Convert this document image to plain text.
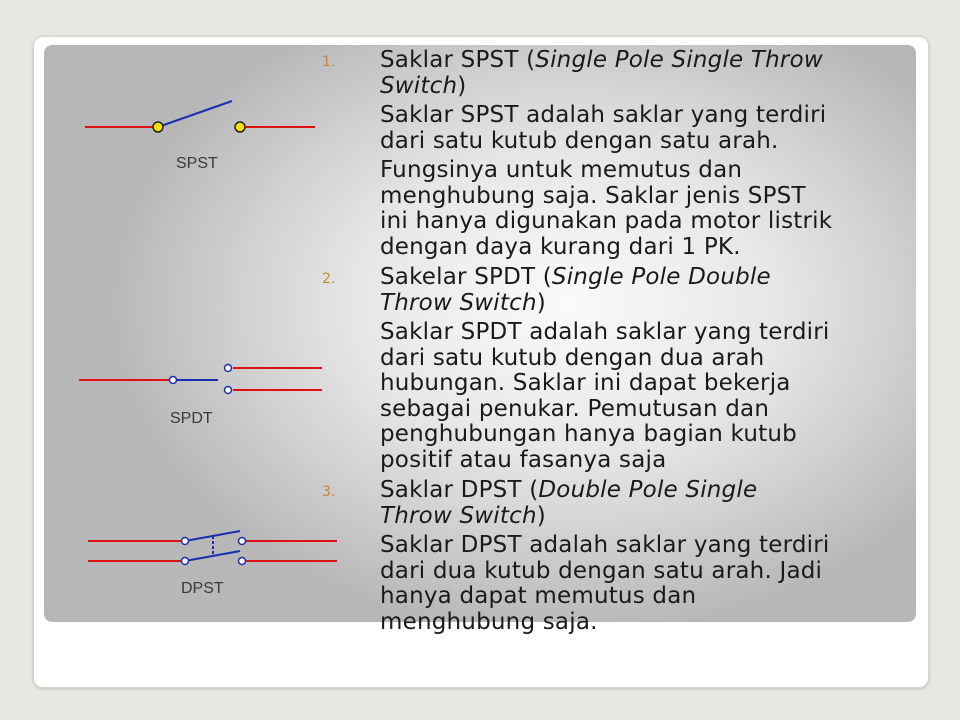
SPST
SPDT
DPST
1. Saklar SPST (Single Pole Single Throw
Switch)
Saklar SPST adalah saklar yang terdiri
dari satu kutub dengan satu arah.
Fungsinya untuk memutus dan
menghubung saja. Saklar jenis SPST
ini hanya digunakan pada motor listrik
dengan daya kurang dari 1 PK.
2. Sakelar SPDT (Single Pole Double
Throw Switch)
Saklar SPDT adalah saklar yang terdiri
dari satu kutub dengan dua arah
hubungan. Saklar ini dapat bekerja
sebagai penukar. Pemutusan dan
penghubungan hanya bagian kutub
positif atau fasanya saja
3. Saklar DPST (Double Pole Single
Throw Switch)
Saklar DPST adalah saklar yang terdiri
dari dua kutub dengan satu arah. Jadi
hanya dapat memutus dan
menghubung saja.
